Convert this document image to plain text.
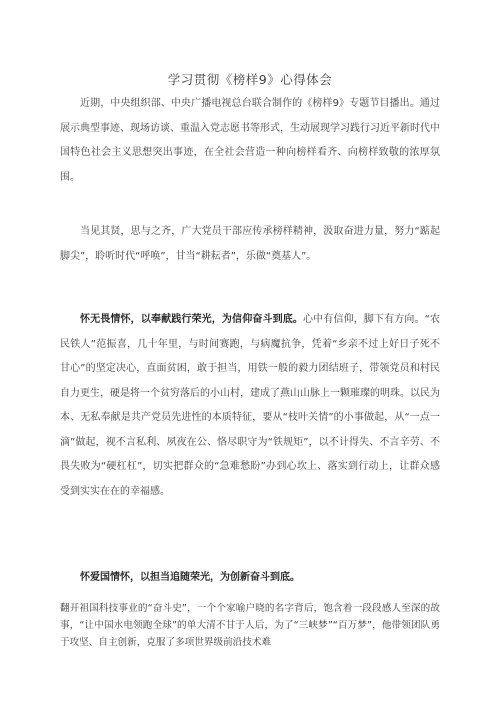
学习贯彻《榜样9》心得体会

近期，中央组织部、中央广播电视总台联合制作的《榜样9》专题节目播出。通过展示典型事迹、现场访谈、重温入党志愿书等形式，生动展现学习践行习近平新时代中国特色社会主义思想突出事迹，在全社会营造一种向榜样看齐、向榜样致敬的浓厚氛围。

当见其贤，思与之齐，广大党员干部应传承榜样精神，汲取奋进力量，努力“踮起脚尖”，聆听时代“呼唤”，甘当“耕耘者”，乐做“奠基人”。

怀无畏情怀，以奉献践行荣光，为信仰奋斗到底。心中有信仰，脚下有方向。“农民铁人”范振喜，几十年里，与时间赛跑，与病魔抗争，凭着“乡亲不过上好日子死不甘心”的坚定决心，直面贫困，敢于担当，用铁一般的毅力团结班子，带领党员和村民自力更生，硬是将一个贫穷落后的小山村，建成了燕山山脉上一颗璀璨的明珠。以民为本、无私奉献是共产党员先进性的本质特征，要从“枝叶关情”的小事做起，从“一点一滴”做起，视不言私利、夙夜在公、恪尽职守为“铁规矩”，以不计得失、不言辛劳、不畏失败为“硬杠杠”，切实把群众的“急难愁盼”办到心坎上、落实到行动上，让群众感受到实实在在的幸福感。

怀爱国情怀，以担当追随荣光，为创新奋斗到底。

翻开祖国科技事业的“奋斗史”，一个个家喻户晓的名字背后，饱含着一段段感人至深的故事，“让中国水电领跑全球”的单大清不甘于人后，为了“三峡梦”“百万梦”，他带领团队勇于攻坚、自主创新，克服了多项世界级前沿技术难
